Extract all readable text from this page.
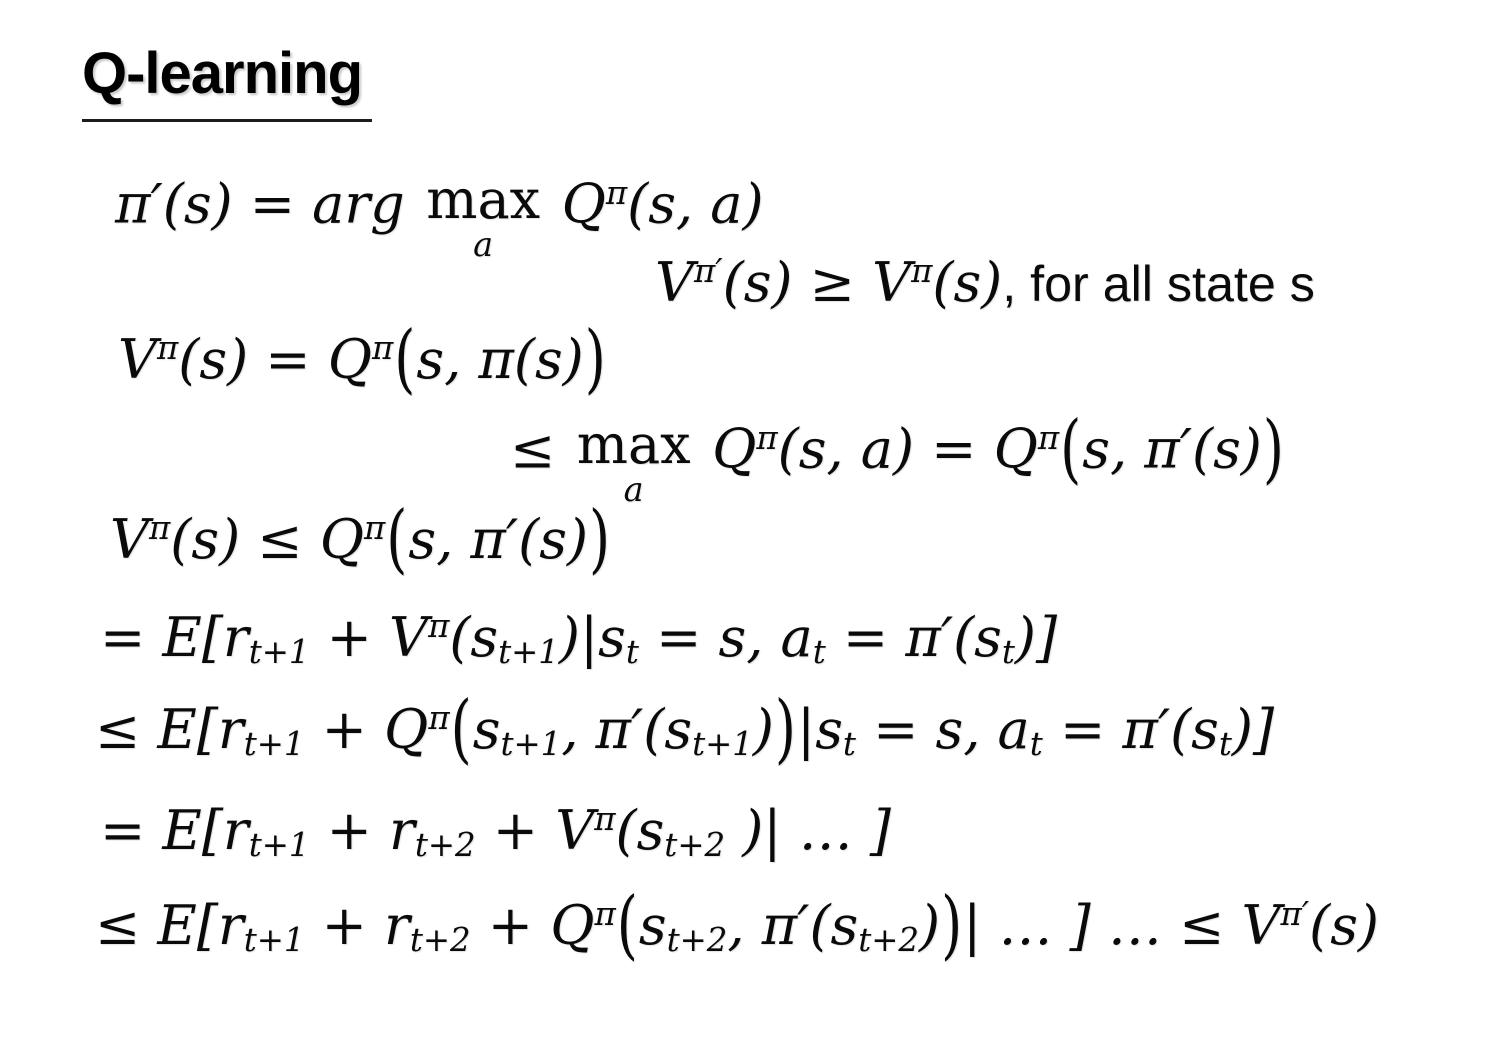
Q-learning
π′(s) = arg max
a
$Q^\pi(s$, a)
$V^{\pi'}(s) \ge V^\pi(s)$, for all state s
$V^\pi(s) = Q^\pi(s$, π(s))
≤ max
a
$Q^\pi(s$, $a) = Q^\pi(s$, π′(s))
$V^\pi(s) \le Q^\pi(s$, π′(s))
= $E[r_{t+1} + V^\pi(s_{t+1})|s_t = s$, $a_t = \pi'(s_t)$]
≤ $E[r_{t+1} + Q^\pi(s_{t+1}$, $\pi'(s_{t+1}))|s_t = s$, $a_t = \pi'(s_t)$]
= $E[r_{t+1} + r_{t+2} + V^\pi(s_{t+2}$ )| … ]
≤ $E[r_{t+1} + r_{t+2} + Q^\pi(s_{t+2}$, $\pi'(s_{t+2}))|$ … ] … ≤ $V^{\pi'}(s)$
